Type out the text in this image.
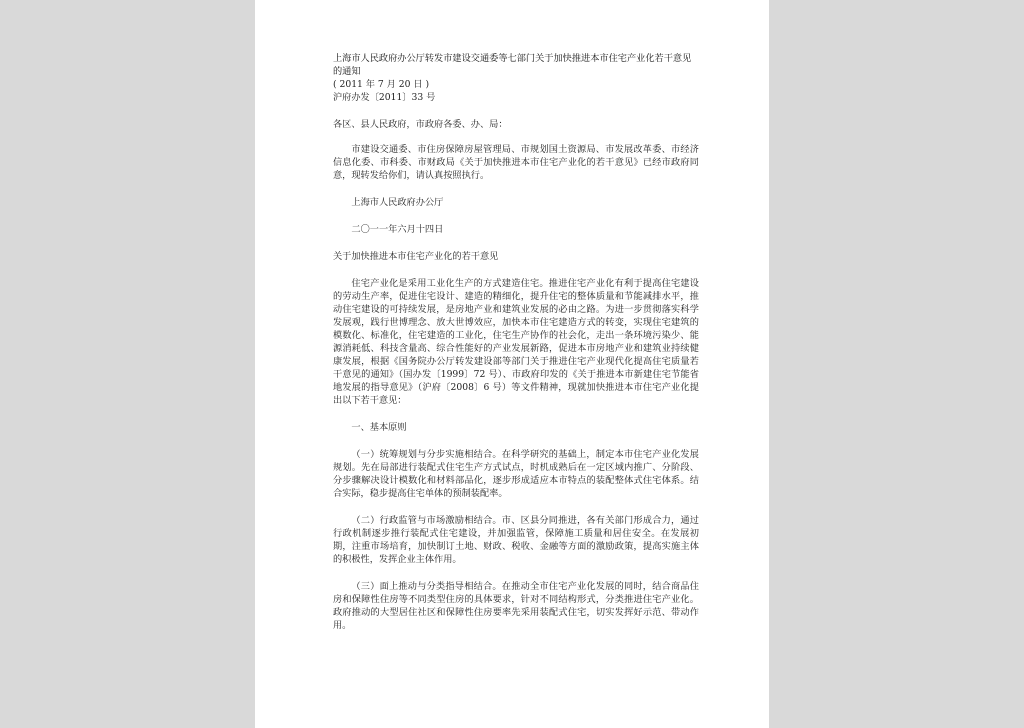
上海市人民政府办公厅转发市建设交通委等七部门关于加快推进本市住宅产业化若干意见的通知

( 2011 年 7 月 20 日 )

沪府办发〔2011〕33 号

各区、县人民政府，市政府各委、办、局：

市建设交通委、市住房保障房屋管理局、市规划国土资源局、市发展改革委、市经济信息化委、市科委、市财政局《关于加快推进本市住宅产业化的若干意见》已经市政府同意，现转发给你们，请认真按照执行。

上海市人民政府办公厅

二〇一一年六月十四日

关于加快推进本市住宅产业化的若干意见

住宅产业化是采用工业化生产的方式建造住宅。推进住宅产业化有利于提高住宅建设的劳动生产率，促进住宅设计、建造的精细化，提升住宅的整体质量和节能减排水平，推动住宅建设的可持续发展，是房地产业和建筑业发展的必由之路。为进一步贯彻落实科学发展观，践行世博理念、放大世博效应，加快本市住宅建造方式的转变，实现住宅建筑的模数化、标准化，住宅建造的工业化，住宅生产协作的社会化，走出一条环境污染少、能源消耗低、科技含量高、综合性能好的产业发展新路，促进本市房地产业和建筑业持续健康发展，根据《国务院办公厅转发建设部等部门关于推进住宅产业现代化提高住宅质量若干意见的通知》（国办发〔1999〕72 号）、市政府印发的《关于推进本市新建住宅节能省地发展的指导意见》（沪府〔2008〕6 号）等文件精神，现就加快推进本市住宅产业化提出以下若干意见：

一、基本原则

（一）统筹规划与分步实施相结合。在科学研究的基础上，制定本市住宅产业化发展规划。先在局部进行装配式住宅生产方式试点，时机成熟后在一定区域内推广、分阶段、分步骤解决设计模数化和材料部品化，逐步形成适应本市特点的装配整体式住宅体系。结合实际，稳步提高住宅单体的预制装配率。

（二）行政监管与市场激励相结合。市、区县分同推进，各有关部门形成合力，通过行政机制逐步推行装配式住宅建设，并加强监管，保障施工质量和居住安全。在发展初期，注重市场培育，加快制订土地、财政、税收、金融等方面的激励政策，提高实施主体的积极性，发挥企业主体作用。

（三）面上推动与分类指导相结合。在推动全市住宅产业化发展的同时，结合商品住房和保障性住房等不同类型住房的具体要求，针对不同结构形式，分类推进住宅产业化。政府推动的大型居住社区和保障性住房要率先采用装配式住宅，切实发挥好示范、带动作用。
